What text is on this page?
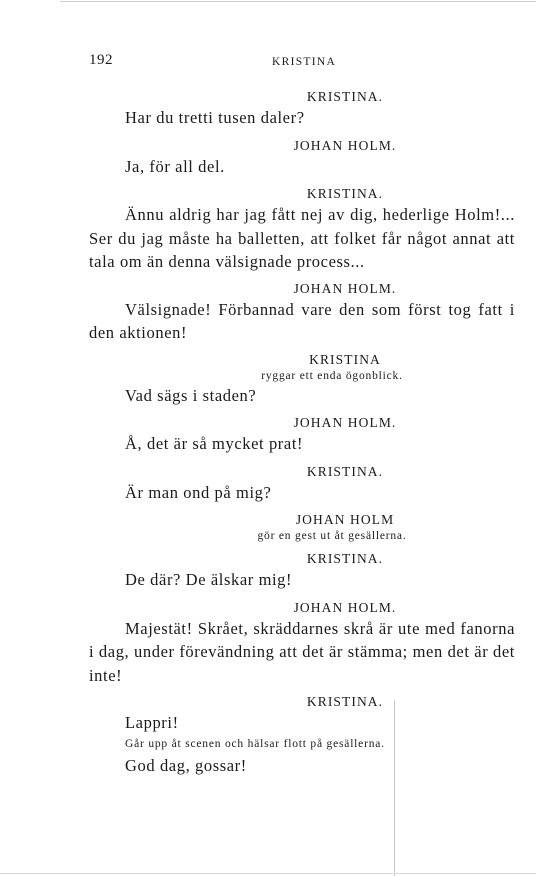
192	KRISTINA
KRISTINA.

Har du tretti tusen daler?

JOHAN HOLM.

Ja, för all del.

KRISTINA.

Ännu aldrig har jag fått nej av dig, hederlige Holm!... Ser du jag måste ha balletten, att folket får något annat att tala om än denna välsignade process...

JOHAN HOLM.

Välsignade! Förbannad vare den som först tog fatt i den aktionen!

KRISTINA
ryggar ett enda ögonblick.

Vad sägs i staden?

JOHAN HOLM.

Å, det är så mycket prat!

KRISTINA.

Är man ond på mig?

JOHAN HOLM
gör en gest ut åt gesällerna.
KRISTINA.

De där? De älskar mig!

JOHAN HOLM.

Majestät! Skrået, skräddarnes skrå är ute med fanorna i dag, under förevändning att det är stämma; men det är det inte!

KRISTINA.

Lappri!

Går upp åt scenen och hälsar flott på gesällerna.

God dag, gossar!
